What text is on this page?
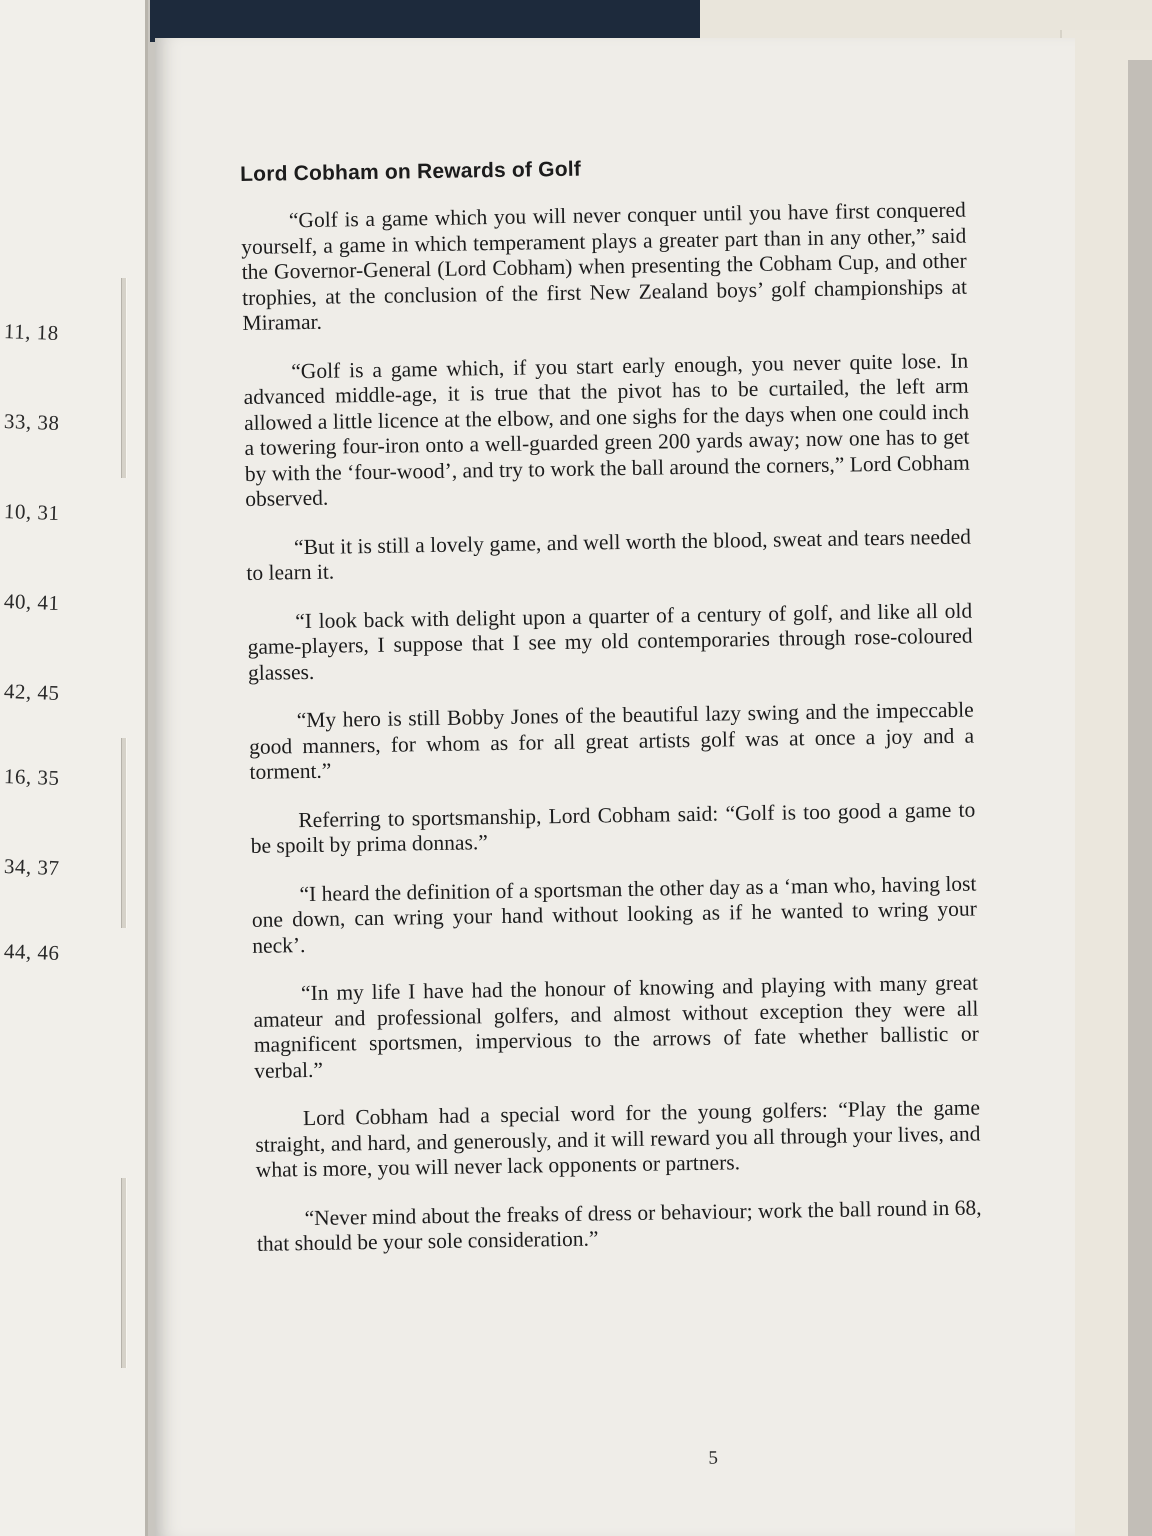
11, 18
33, 38
10, 31
40, 41
42, 45
16, 35
34, 37
44, 46
Lord Cobham on Rewards of Golf

“Golf is a game which you will never conquer until you have first conquered yourself, a game in which temperament plays a greater part than in any other,” said the Governor-General (Lord Cobham) when presenting the Cobham Cup, and other trophies, at the conclusion of the first New Zealand boys’ golf championships at Miramar.

“Golf is a game which, if you start early enough, you never quite lose. In advanced middle-age, it is true that the pivot has to be curtailed, the left arm allowed a little licence at the elbow, and one sighs for the days when one could inch a towering four-iron onto a well-guarded green 200 yards away; now one has to get by with the ‘four-wood’, and try to work the ball around the corners,” Lord Cobham observed.

“But it is still a lovely game, and well worth the blood, sweat and tears needed to learn it.

“I look back with delight upon a quarter of a century of golf, and like all old game-players, I suppose that I see my old contemporaries through rose-coloured glasses.

“My hero is still Bobby Jones of the beautiful lazy swing and the impeccable good manners, for whom as for all great artists golf was at once a joy and a torment.”

Referring to sportsmanship, Lord Cobham said: “Golf is too good a game to be spoilt by prima donnas.”

“I heard the definition of a sportsman the other day as a ‘man who, having lost one down, can wring your hand without looking as if he wanted to wring your neck’.

“In my life I have had the honour of knowing and playing with many great amateur and professional golfers, and almost without exception they were all magnificent sportsmen, impervious to the arrows of fate whether ballistic or verbal.”

Lord Cobham had a special word for the young golfers: “Play the game straight, and hard, and generously, and it will reward you all through your lives, and what is more, you will never lack opponents or partners.

“Never mind about the freaks of dress or behaviour; work the ball round in 68, that should be your sole consideration.”

5
